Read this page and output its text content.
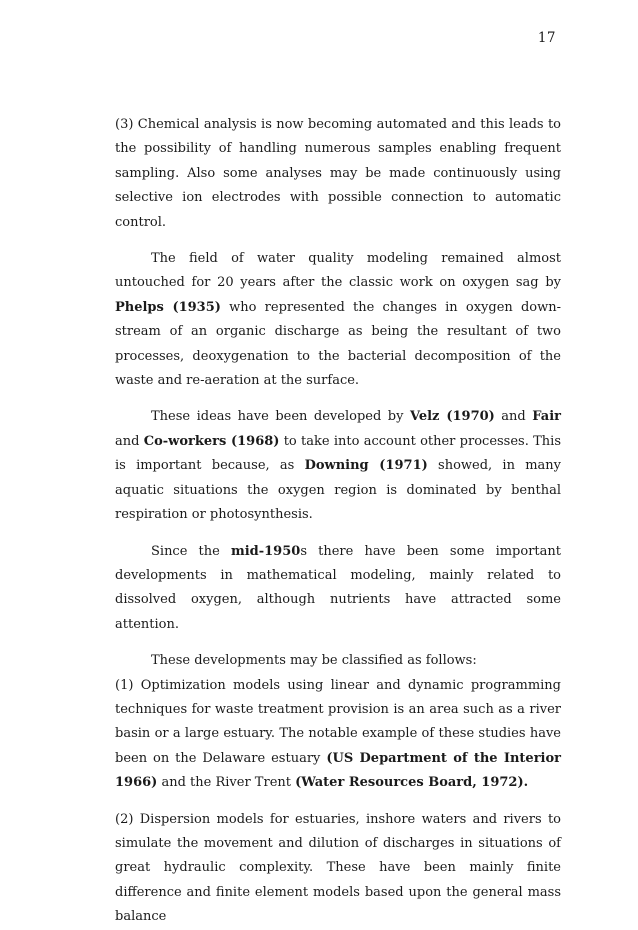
17

(3) Chemical analysis is now becoming automated and this leads to the possibility of handling numerous samples enabling frequent sampling. Also some analyses may be made continuously using selective ion electrodes with possible connection to automatic control.

The field of water quality modeling remained almost untouched for 20 years after the classic work on oxygen sag by Phelps (1935) who represented the changes in oxygen down-stream of an organic discharge as being the resultant of two processes, deoxygenation to the bacterial decomposition of the waste and re-aeration at the surface.

These ideas have been developed by Velz (1970) and Fair and Co-workers (1968) to take into account other processes. This is important because, as Downing (1971) showed, in many aquatic situations the oxygen region is dominated by benthal respiration or photosynthesis.

Since the mid-1950s there have been some important developments in mathematical modeling, mainly related to dissolved oxygen, although nutrients have attracted some attention.

These developments may be classified as follows:

(1) Optimization models using linear and dynamic programming techniques for waste treatment provision is an area such as a river basin or a large estuary. The notable example of these studies have been on the Delaware estuary (US Department of the Interior 1966) and the River Trent (Water Resources Board, 1972).

(2) Dispersion models for estuaries, inshore waters and rivers to simulate the movement and dilution of discharges in situations of great hydraulic complexity. These have been mainly finite difference and finite element models based upon the general mass balance
